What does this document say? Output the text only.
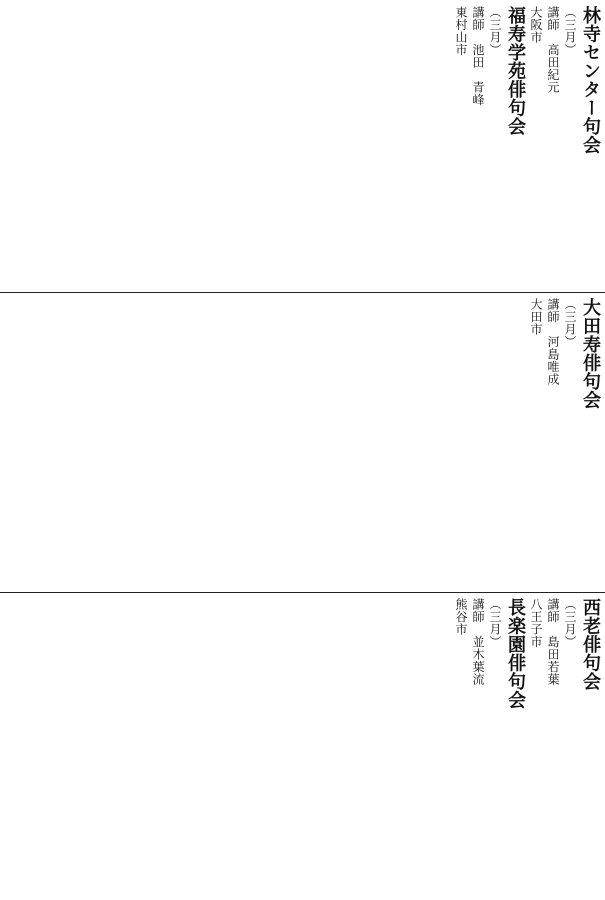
林寺センター句会
（三月）
講師　高田紀元
大阪市
福寿学苑俳句会
（三月）
講師　池田　青峰
東村山市
大田寿俳句会
（三月）
講師　河島唯成
大田市
西老俳句会
（三月）
講師　島田若葉
八王子市
長楽園俳句会
（三月）
講師　並木葉流
熊谷市
